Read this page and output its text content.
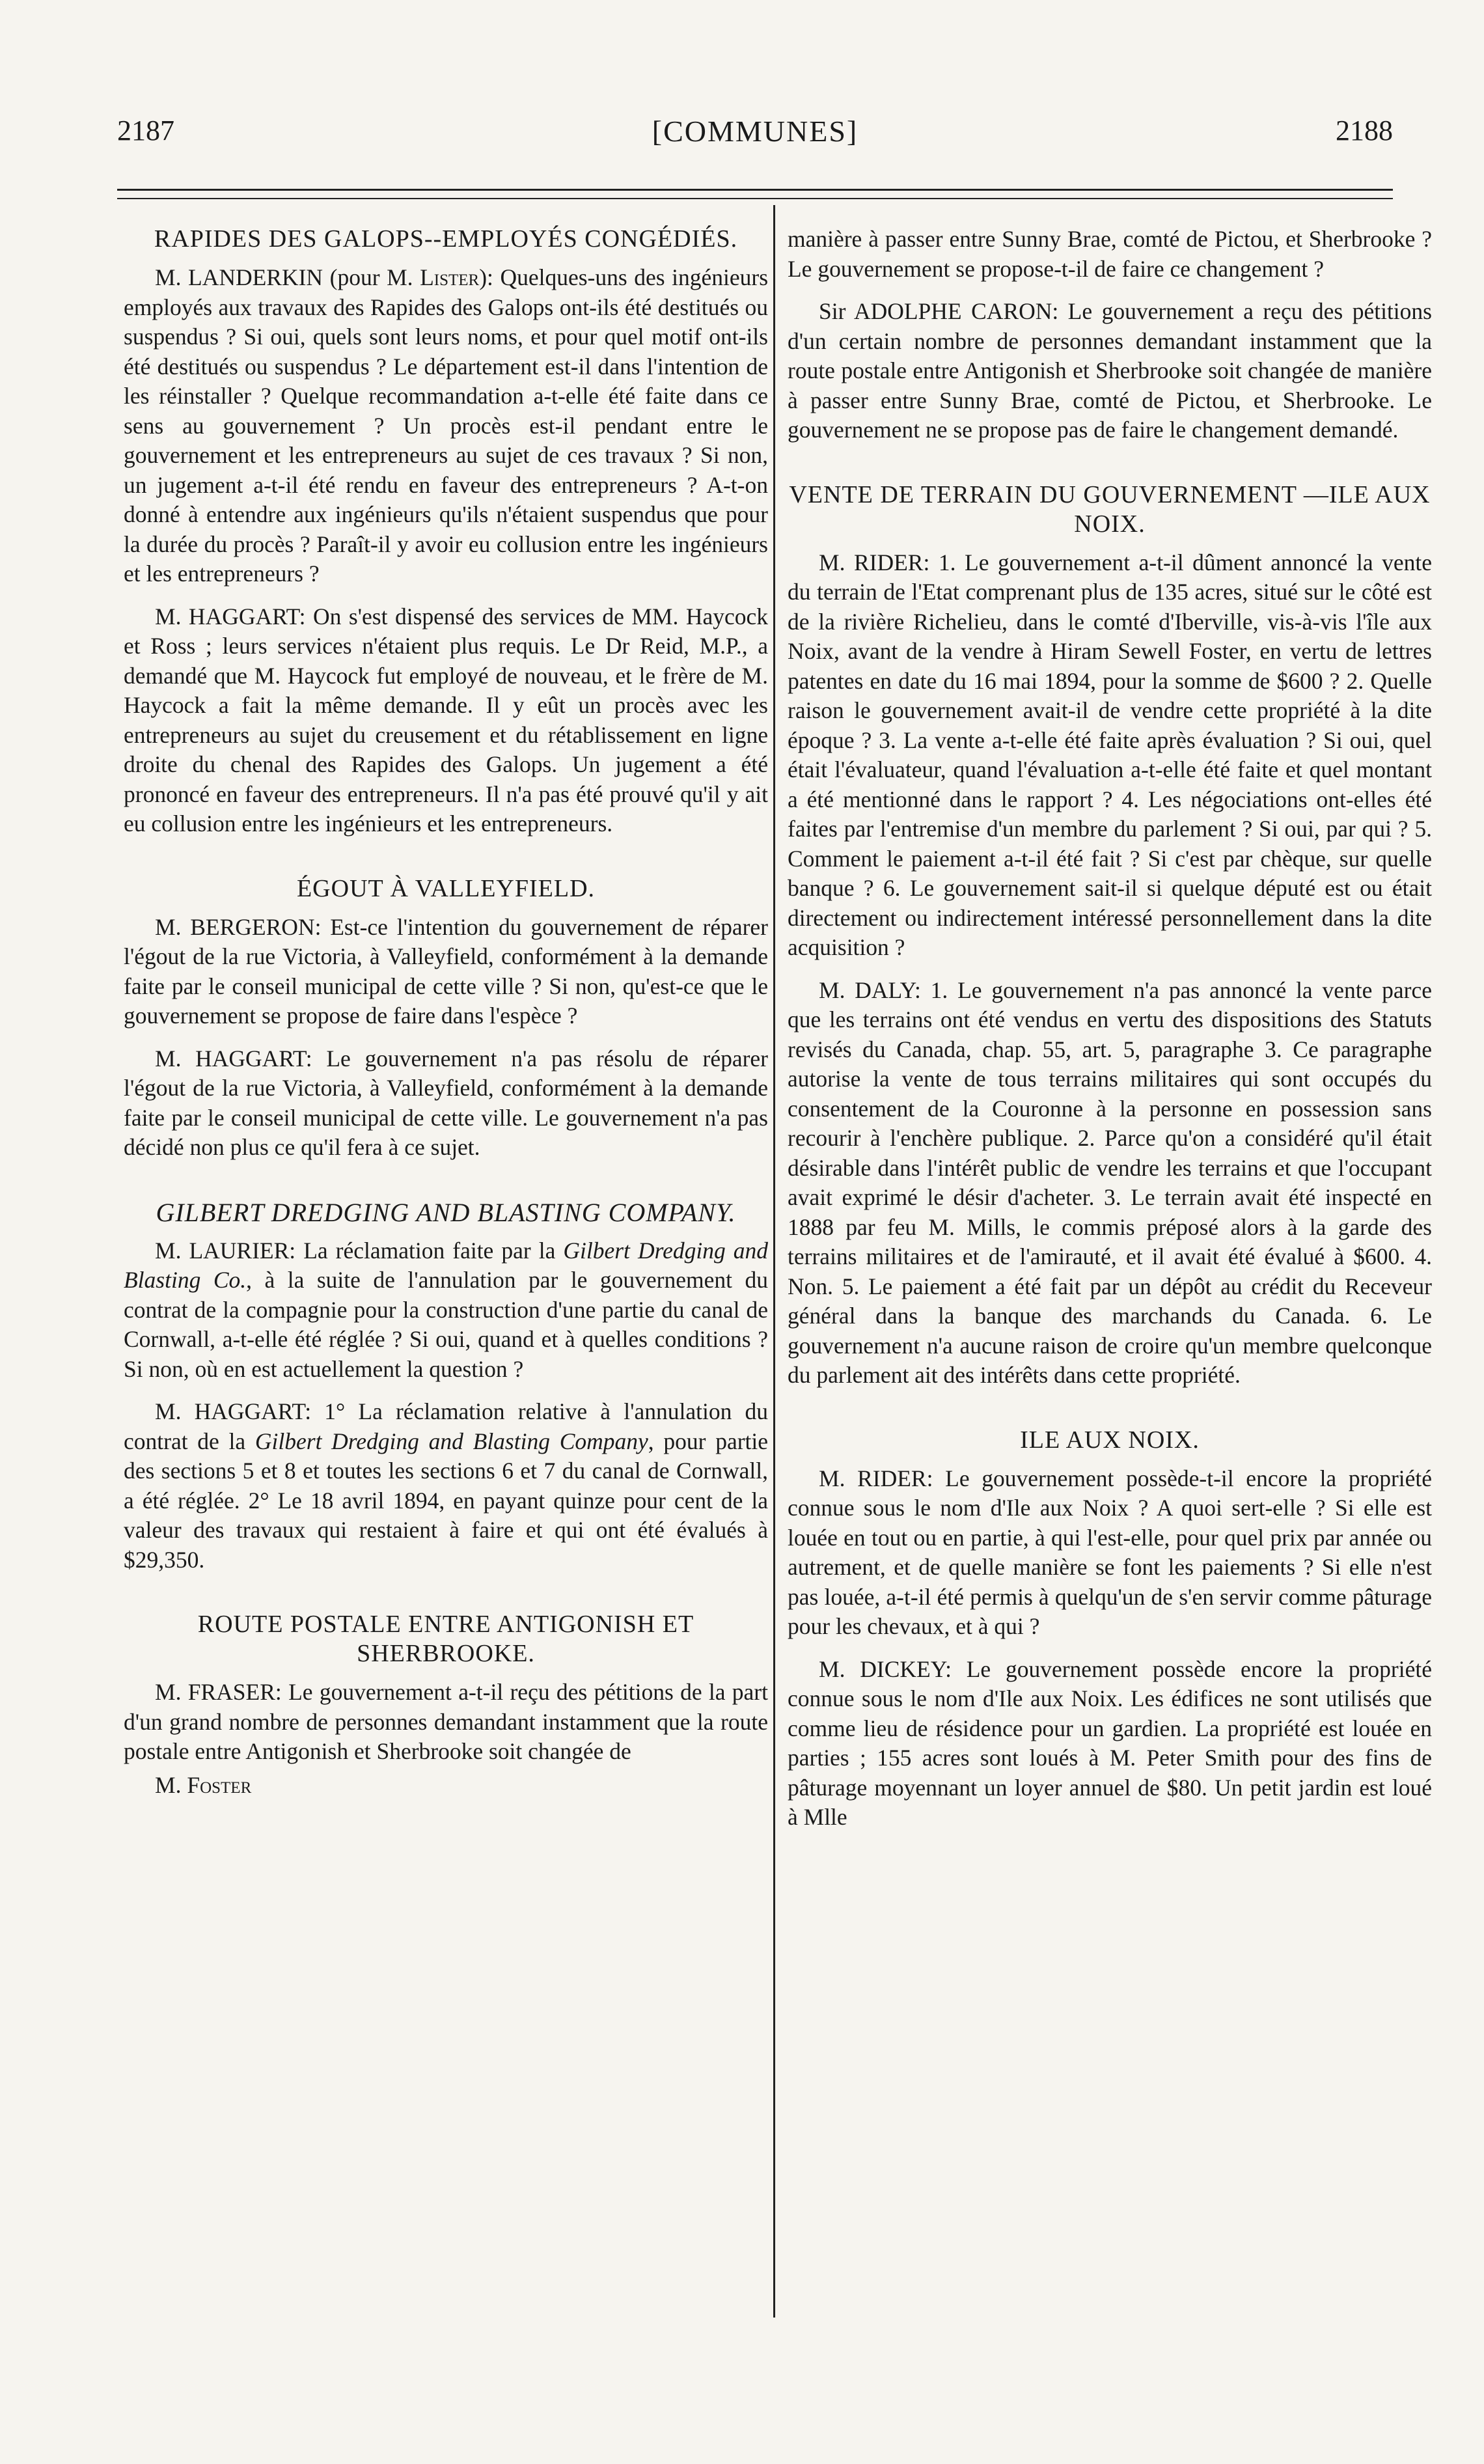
2187	[COMMUNES]	2188
RAPIDES DES GALOPS--EMPLOYÉS CONGÉDIÉS.

M. LANDERKIN (pour M. Lister): Quelques-uns des ingénieurs employés aux travaux des Rapides des Galops ont-ils été destitués ou suspendus ? Si oui, quels sont leurs noms, et pour quel motif ont-ils été destitués ou suspendus ? Le département est-il dans l'intention de les réinstaller ? Quelque recommandation a-t-elle été faite dans ce sens au gouvernement ? Un procès est-il pendant entre le gouvernement et les entrepreneurs au sujet de ces travaux ? Si non, un jugement a-t-il été rendu en faveur des entrepreneurs ? A-t-on donné à entendre aux ingénieurs qu'ils n'étaient suspendus que pour la durée du procès ? Paraît-il y avoir eu collusion entre les ingénieurs et les entrepreneurs ?

M. HAGGART: On s'est dispensé des services de MM. Haycock et Ross ; leurs services n'étaient plus requis. Le Dr Reid, M.P., a demandé que M. Haycock fut employé de nouveau, et le frère de M. Haycock a fait la même demande. Il y eût un procès avec les entrepreneurs au sujet du creusement et du rétablissement en ligne droite du chenal des Rapides des Galops. Un jugement a été prononcé en faveur des entrepreneurs. Il n'a pas été prouvé qu'il y ait eu collusion entre les ingénieurs et les entrepreneurs.

ÉGOUT À VALLEYFIELD.

M. BERGERON: Est-ce l'intention du gouvernement de réparer l'égout de la rue Victoria, à Valleyfield, conformément à la demande faite par le conseil municipal de cette ville ? Si non, qu'est-ce que le gouvernement se propose de faire dans l'espèce ?

M. HAGGART: Le gouvernement n'a pas résolu de réparer l'égout de la rue Victoria, à Valleyfield, conformément à la demande faite par le conseil municipal de cette ville. Le gouvernement n'a pas décidé non plus ce qu'il fera à ce sujet.

GILBERT DREDGING AND BLASTING COMPANY.

M. LAURIER: La réclamation faite par la Gilbert Dredging and Blasting Co., à la suite de l'annulation par le gouvernement du contrat de la compagnie pour la construction d'une partie du canal de Cornwall, a-t-elle été réglée ? Si oui, quand et à quelles conditions ? Si non, où en est actuellement la question ?

M. HAGGART: 1° La réclamation relative à l'annulation du contrat de la Gilbert Dredging and Blasting Company, pour partie des sections 5 et 8 et toutes les sections 6 et 7 du canal de Cornwall, a été réglée. 2° Le 18 avril 1894, en payant quinze pour cent de la valeur des travaux qui restaient à faire et qui ont été évalués à $29,350.

ROUTE POSTALE ENTRE ANTIGONISH ET SHERBROOKE.

M. FRASER: Le gouvernement a-t-il reçu des pétitions de la part d'un grand nombre de personnes demandant instamment que la route postale entre Antigonish et Sherbrooke soit changée de

M. Foster

manière à passer entre Sunny Brae, comté de Pictou, et Sherbrooke ? Le gouvernement se propose-t-il de faire ce changement ?

Sir ADOLPHE CARON: Le gouvernement a reçu des pétitions d'un certain nombre de personnes demandant instamment que la route postale entre Antigonish et Sherbrooke soit changée de manière à passer entre Sunny Brae, comté de Pictou, et Sherbrooke. Le gouvernement ne se propose pas de faire le changement demandé.

VENTE DE TERRAIN DU GOUVERNEMENT —ILE AUX NOIX.

M. RIDER: 1. Le gouvernement a-t-il dûment annoncé la vente du terrain de l'Etat comprenant plus de 135 acres, situé sur le côté est de la rivière Richelieu, dans le comté d'Iberville, vis-à-vis l'île aux Noix, avant de la vendre à Hiram Sewell Foster, en vertu de lettres patentes en date du 16 mai 1894, pour la somme de $600 ? 2. Quelle raison le gouvernement avait-il de vendre cette propriété à la dite époque ? 3. La vente a-t-elle été faite après évaluation ? Si oui, quel était l'évaluateur, quand l'évaluation a-t-elle été faite et quel montant a été mentionné dans le rapport ? 4. Les négociations ont-elles été faites par l'entremise d'un membre du parlement ? Si oui, par qui ? 5. Comment le paiement a-t-il été fait ? Si c'est par chèque, sur quelle banque ? 6. Le gouvernement sait-il si quelque député est ou était directement ou indirectement intéressé personnellement dans la dite acquisition ?

M. DALY: 1. Le gouvernement n'a pas annoncé la vente parce que les terrains ont été vendus en vertu des dispositions des Statuts revisés du Canada, chap. 55, art. 5, paragraphe 3. Ce paragraphe autorise la vente de tous terrains militaires qui sont occupés du consentement de la Couronne à la personne en possession sans recourir à l'enchère publique. 2. Parce qu'on a considéré qu'il était désirable dans l'intérêt public de vendre les terrains et que l'occupant avait exprimé le désir d'acheter. 3. Le terrain avait été inspecté en 1888 par feu M. Mills, le commis préposé alors à la garde des terrains militaires et de l'amirauté, et il avait été évalué à $600. 4. Non. 5. Le paiement a été fait par un dépôt au crédit du Receveur général dans la banque des marchands du Canada. 6. Le gouvernement n'a aucune raison de croire qu'un membre quelconque du parlement ait des intérêts dans cette propriété.

ILE AUX NOIX.

M. RIDER: Le gouvernement possède-t-il encore la propriété connue sous le nom d'Ile aux Noix ? A quoi sert-elle ? Si elle est louée en tout ou en partie, à qui l'est-elle, pour quel prix par année ou autrement, et de quelle manière se font les paiements ? Si elle n'est pas louée, a-t-il été permis à quelqu'un de s'en servir comme pâturage pour les chevaux, et à qui ?

M. DICKEY: Le gouvernement possède encore la propriété connue sous le nom d'Ile aux Noix. Les édifices ne sont utilisés que comme lieu de résidence pour un gardien. La propriété est louée en parties ; 155 acres sont loués à M. Peter Smith pour des fins de pâturage moyennant un loyer annuel de $80. Un petit jardin est loué à Mlle
